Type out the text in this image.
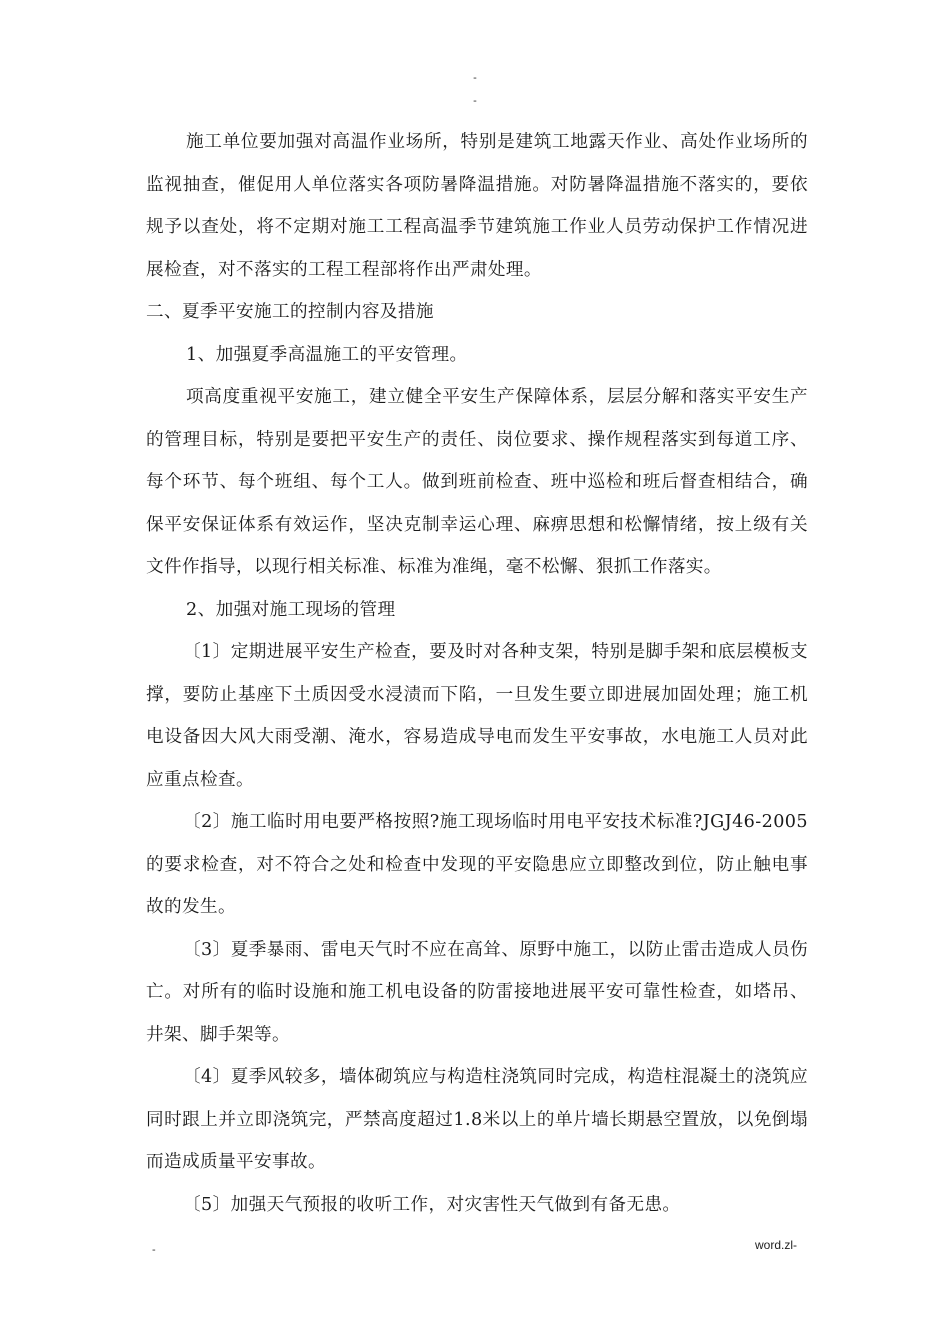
-
-

施工单位要加强对高温作业场所，特别是建筑工地露天作业、高处作业场所的监视抽查，催促用人单位落实各项防暑降温措施。对防暑降温措施不落实的，要依规予以查处，将不定期对施工工程高温季节建筑施工作业人员劳动保护工作情况进展检查，对不落实的工程工程部将作出严肃处理。

二、夏季平安施工的控制内容及措施

1、加强夏季高温施工的平安管理。

项高度重视平安施工，建立健全平安生产保障体系，层层分解和落实平安生产的管理目标，特别是要把平安生产的责任、岗位要求、操作规程落实到每道工序、每个环节、每个班组、每个工人。做到班前检查、班中巡检和班后督查相结合，确保平安保证体系有效运作，坚决克制幸运心理、麻痹思想和松懈情绪，按上级有关文件作指导，以现行相关标准、标准为准绳，毫不松懈、狠抓工作落实。

2、加强对施工现场的管理

〔1〕定期进展平安生产检查，要及时对各种支架，特别是脚手架和底层模板支撑，要防止基座下土质因受水浸渍而下陷，一旦发生要立即进展加固处理；施工机电设备因大风大雨受潮、淹水，容易造成导电而发生平安事故，水电施工人员对此应重点检查。

〔2〕施工临时用电要严格按照?施工现场临时用电平安技术标准?JGJ46-2005的要求检查，对不符合之处和检查中发现的平安隐患应立即整改到位，防止触电事故的发生。

〔3〕夏季暴雨、雷电天气时不应在高耸、原野中施工，以防止雷击造成人员伤亡。对所有的临时设施和施工机电设备的防雷接地进展平安可靠性检查，如塔吊、井架、脚手架等。

〔4〕夏季风较多，墙体砌筑应与构造柱浇筑同时完成，构造柱混凝土的浇筑应同时跟上并立即浇筑完，严禁高度超过1.8米以上的单片墙长期悬空置放，以免倒塌而造成质量平安事故。

〔5〕加强天气预报的收听工作，对灾害性天气做到有备无患。

-	word.zl-
